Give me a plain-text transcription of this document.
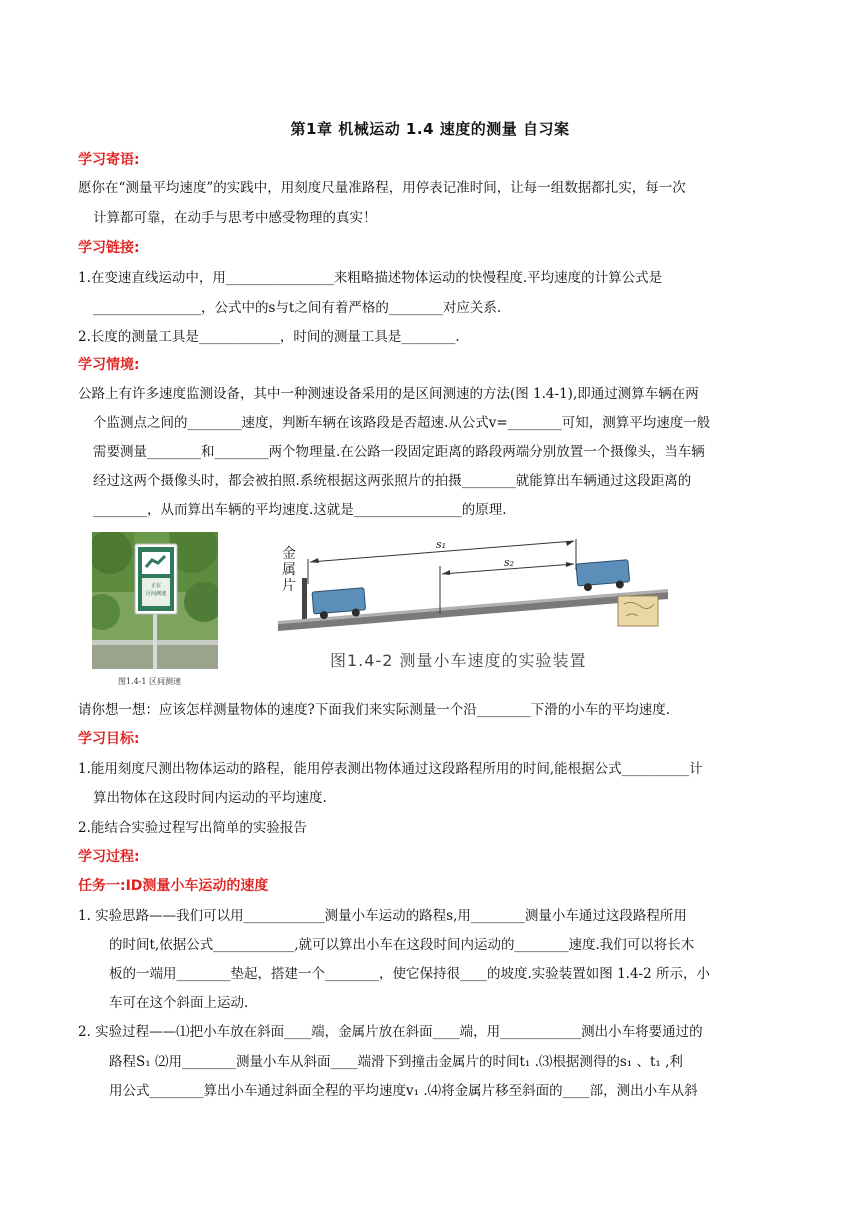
第1章 机械运动 1.4 速度的测量 自习案
学习寄语:
愿你在“测量平均速度”的实践中，用刻度尺量准路程，用停表记准时间，让每一组数据都扎实，每一次
计算都可靠，在动手与思考中感受物理的真实！
学习链接:
1.在变速直线运动中，用________________来粗略描述物体运动的快慢程度.平均速度的计算公式是
________________，公式中的s与t之间有着严格的________对应关系.
2.长度的测量工具是____________，时间的测量工具是________.
学习情境:
公路上有许多速度监测设备，其中一种测速设备采用的是区间测速的方法(图 1.4-1),即通过测算车辆在两
个监测点之间的________速度，判断车辆在该路段是否超速.从公式v=________可知，测算平均速度一般
需要测量________和________两个物理量.在公路一段固定距离的路段两端分别放置一个摄像头，当车辆
经过这两个摄像头时，都会被拍照.系统根据这两张照片的拍摄________就能算出车辆通过这段距离的
________，从而算出车辆的平均速度.这就是________________的原理.
正在
区间测速
图1.4-1 区间测速
金属片
s₁
s₂
图1.4-2 测量小车速度的实验装置
请你想一想：应该怎样测量物体的速度?下面我们来实际测量一个沿________下滑的小车的平均速度.
学习目标:
1.能用刻度尺测出物体运动的路程，能用停表测出物体通过这段路程所用的时间,能根据公式__________计
算出物体在这段时间内运动的平均速度.
2.能结合实验过程写出简单的实验报告
学习过程:
任务一:ID测量小车运动的速度
1. 实验思路——我们可以用____________测量小车运动的路程s,用________测量小车通过这段路程所用
的时间t,依据公式____________,就可以算出小车在这段时间内运动的________速度.我们可以将长木
板的一端用________垫起，搭建一个________，使它保持很____的坡度.实验装置如图 1.4-2 所示，小
车可在这个斜面上运动.
2. 实验过程——⑴把小车放在斜面____端，金属片放在斜面____端，用____________测出小车将要通过的
路程S₁ ⑵用________测量小车从斜面____端滑下到撞击金属片的时间t₁ .⑶根据测得的s₁ 、t₁ ,利
用公式________算出小车通过斜面全程的平均速度v₁ .⑷将金属片移至斜面的____部，测出小车从斜
